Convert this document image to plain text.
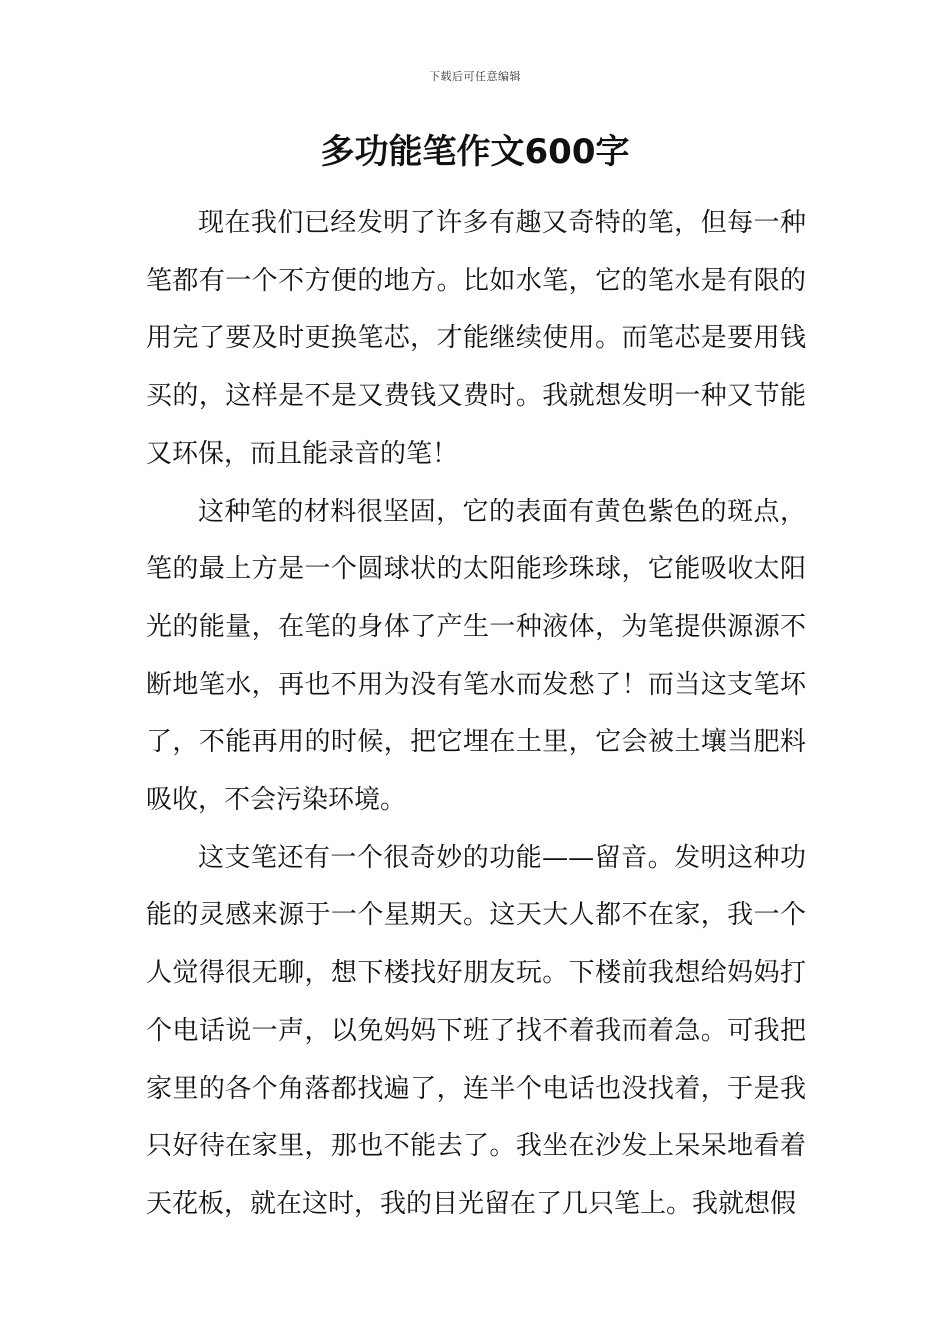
下载后可任意编辑
多功能笔作文600字

现在我们已经发明了许多有趣又奇特的笔，但每一种笔都有一个不方便的地方。比如水笔，它的笔水是有限的用完了要及时更换笔芯，才能继续使用。而笔芯是要用钱买的，这样是不是又费钱又费时。我就想发明一种又节能又环保，而且能录音的笔！

这种笔的材料很坚固，它的表面有黄色紫色的斑点，笔的最上方是一个圆球状的太阳能珍珠球，它能吸收太阳光的能量，在笔的身体了产生一种液体，为笔提供源源不断地笔水，再也不用为没有笔水而发愁了！而当这支笔坏了，不能再用的时候，把它埋在土里，它会被土壤当肥料吸收，不会污染环境。

这支笔还有一个很奇妙的功能——留音。发明这种功能的灵感来源于一个星期天。这天大人都不在家，我一个人觉得很无聊，想下楼找好朋友玩。下楼前我想给妈妈打个电话说一声，以免妈妈下班了找不着我而着急。可我把家里的各个角落都找遍了，连半个电话也没找着，于是我只好待在家里，那也不能去了。我坐在沙发上呆呆地看着天花板，就在这时，我的目光留在了几只笔上。我就想假
